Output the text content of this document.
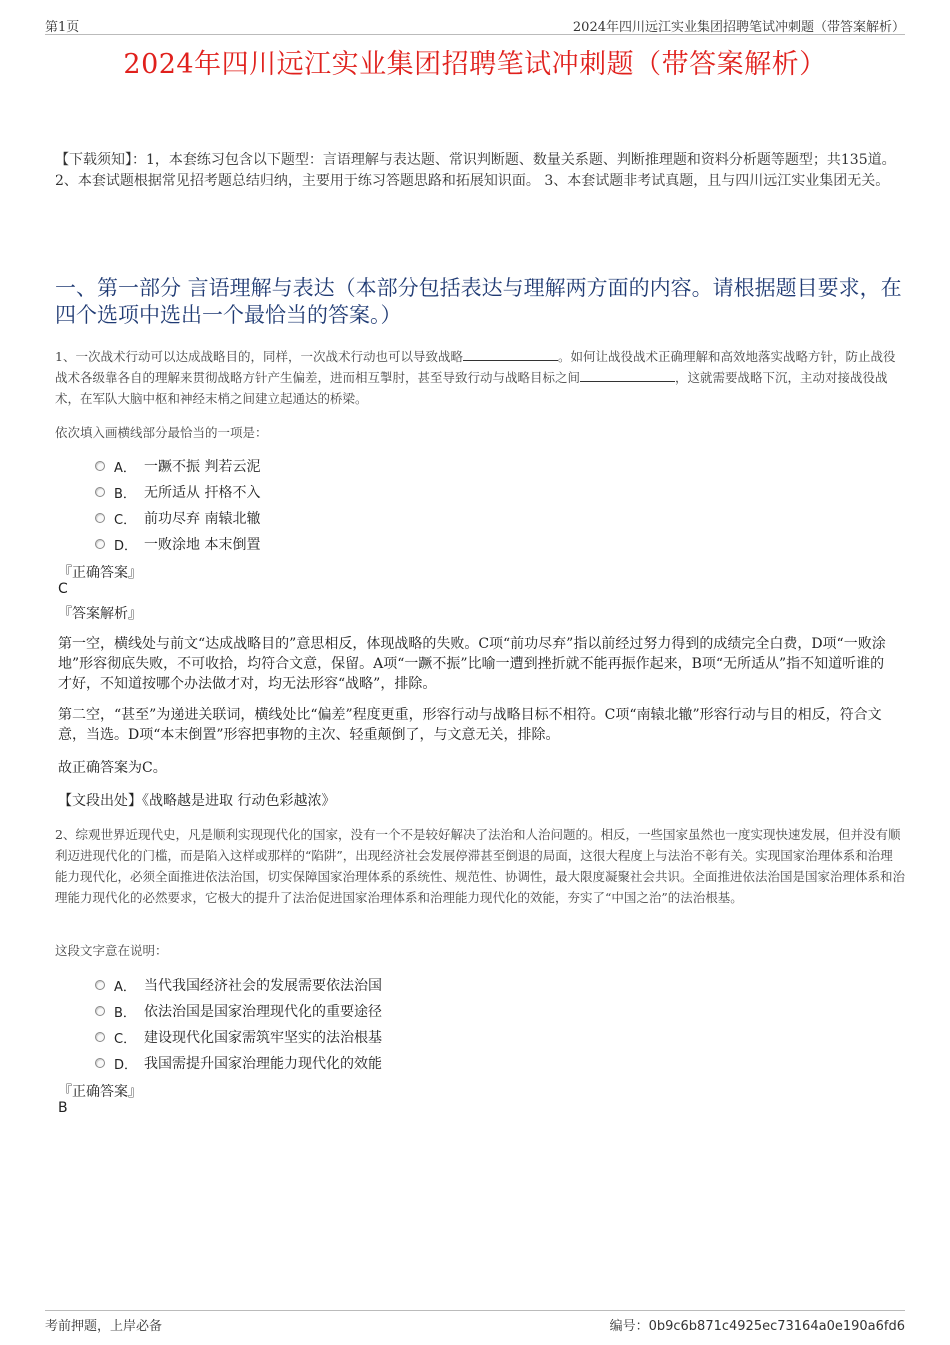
第1页	2024年四川远江实业集团招聘笔试冲刺题（带答案解析）
2024年四川远江实业集团招聘笔试冲刺题（带答案解析）
【下载须知】：1，本套练习包含以下题型：言语理解与表达题、常识判断题、数量关系题、判断推理题和资料分析题等题型；共135道。 2、本套试题根据常见招考题总结归纳，主要用于练习答题思路和拓展知识面。 3、本套试题非考试真题，且与四川远江实业集团无关。
一、第一部分 言语理解与表达（本部分包括表达与理解两方面的内容。请根据题目要求，在四个选项中选出一个最恰当的答案。）
1、一次战术行动可以达成战略目的，同样，一次战术行动也可以导致战略	。如何让战役战术正确理解和高效地落实战略方针，防止战役战术各级靠各自的理解来贯彻战略方针产生偏差，进而相互掣肘，甚至导致行动与战略目标之间	，这就需要战略下沉，主动对接战役战术，在军队大脑中枢和神经末梢之间建立起通达的桥梁。
依次填入画横线部分最恰当的一项是：
A． 一蹶不振 判若云泥
B． 无所适从 扞格不入
C． 前功尽弃 南辕北辙
D． 一败涂地 本末倒置
『正确答案』
C
『答案解析』
第一空，横线处与前文“达成战略目的”意思相反，体现战略的失败。C项“前功尽弃”指以前经过努力得到的成绩完全白费，D项“一败涂地”形容彻底失败，不可收拾，均符合文意，保留。A项“一蹶不振”比喻一遭到挫折就不能再振作起来，B项“无所适从”指不知道听谁的才好，不知道按哪个办法做才对，均无法形容“战略”，排除。
第二空，“甚至”为递进关联词，横线处比“偏差”程度更重，形容行动与战略目标不相符。C项“南辕北辙”形容行动与目的相反，符合文意，当选。D项“本末倒置”形容把事物的主次、轻重颠倒了，与文意无关，排除。
故正确答案为C。
【文段出处】《战略越是进取 行动色彩越浓》
2、综观世界近现代史，凡是顺利实现现代化的国家，没有一个不是较好解决了法治和人治问题的。相反，一些国家虽然也一度实现快速发展，但并没有顺利迈进现代化的门槛，而是陷入这样或那样的“陷阱”，出现经济社会发展停滞甚至倒退的局面，这很大程度上与法治不彰有关。实现国家治理体系和治理能力现代化，必须全面推进依法治国，切实保障国家治理体系的系统性、规范性、协调性，最大限度凝聚社会共识。全面推进依法治国是国家治理体系和治理能力现代化的必然要求，它极大的提升了法治促进国家治理体系和治理能力现代化的效能，夯实了“中国之治”的法治根基。
这段文字意在说明：
A． 当代我国经济社会的发展需要依法治国
B． 依法治国是国家治理现代化的重要途径
C． 建设现代化国家需筑牢坚实的法治根基
D． 我国需提升国家治理能力现代化的效能
『正确答案』
B
考前押题，上岸必备	编号：0b9c6b871c4925ec73164a0e190a6fd6
